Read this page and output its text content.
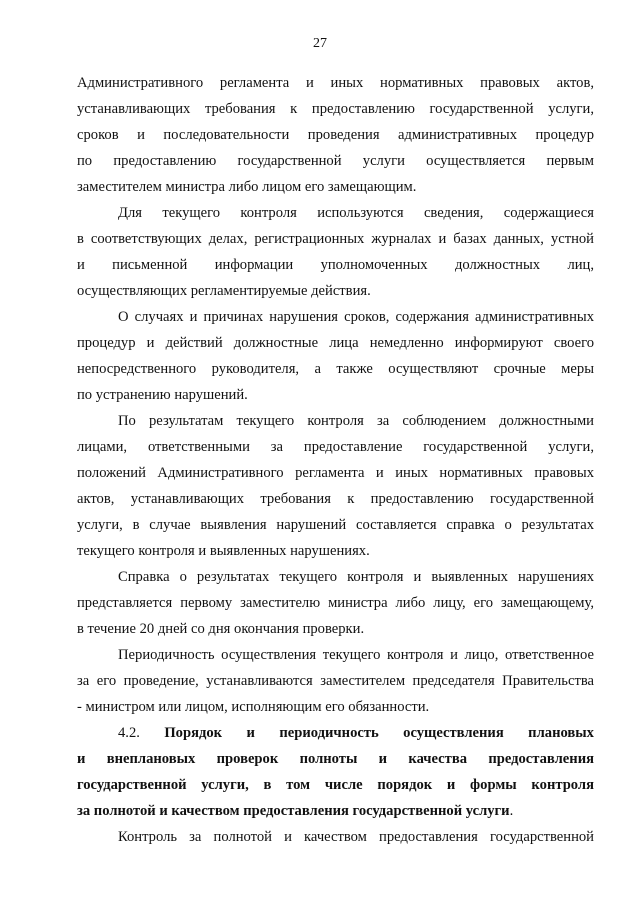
27
Административного регламента и иных нормативных правовых актов,
устанавливающих требования к предоставлению государственной услуги,
сроков и последовательности проведения административных процедур
по предоставлению государственной услуги осуществляется первым
заместителем министра либо лицом его замещающим.
Для текущего контроля используются сведения, содержащиеся
в соответствующих делах, регистрационных журналах и базах данных, устной
и письменной информации уполномоченных должностных лиц,
осуществляющих регламентируемые действия.
О случаях и причинах нарушения сроков, содержания административных
процедур и действий должностные лица немедленно информируют своего
непосредственного руководителя, а также осуществляют срочные меры
по устранению нарушений.
По результатам текущего контроля за соблюдением должностными
лицами, ответственными за предоставление государственной услуги,
положений Административного регламента и иных нормативных правовых
актов, устанавливающих требования к предоставлению государственной
услуги, в случае выявления нарушений составляется справка о результатах
текущего контроля и выявленных нарушениях.
Справка о результатах текущего контроля и выявленных нарушениях
представляется первому заместителю министра либо лицу, его замещающему,
в течение 20 дней со дня окончания проверки.
Периодичность осуществления текущего контроля и лицо, ответственное
за его проведение, устанавливаются заместителем председателя Правительства
- министром или лицом, исполняющим его обязанности.
4.2. Порядок и периодичность осуществления плановых
и внеплановых проверок полноты и качества предоставления
государственной услуги, в том числе порядок и формы контроля
за полнотой и качеством предоставления государственной услуги.
Контроль за полнотой и качеством предоставления государственной
